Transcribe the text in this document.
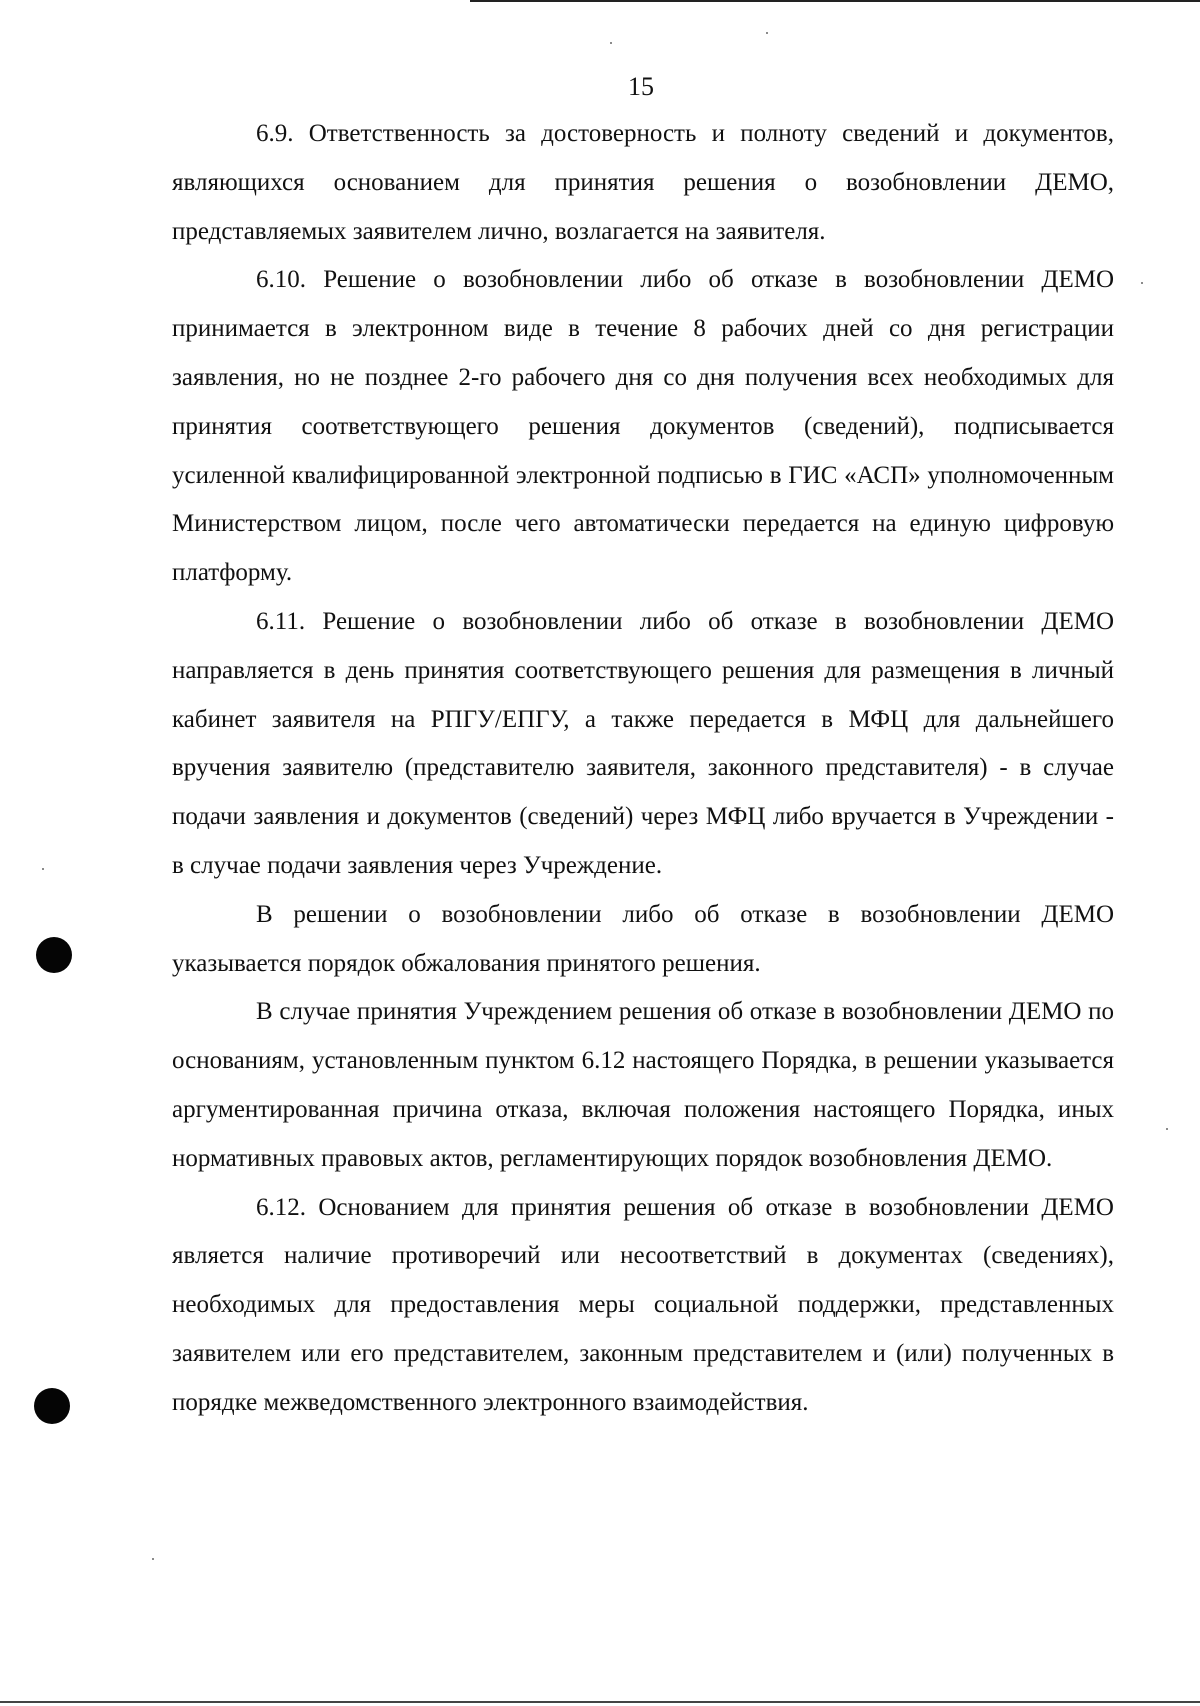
15

6.9. Ответственность за достоверность и полноту сведений и документов, являющихся основанием для принятия решения о возобновлении ДЕМО, представляемых заявителем лично, возлагается на заявителя.

6.10. Решение о возобновлении либо об отказе в возобновлении ДЕМО принимается в электронном виде в течение 8 рабочих дней со дня регистрации заявления, но не позднее 2-го рабочего дня со дня получения всех необходимых для принятия соответствующего решения документов (сведений), подписывается усиленной квалифицированной электронной подписью в ГИС «АСП» уполномоченным Министерством лицом, после чего автоматически передается на единую цифровую платформу.

6.11. Решение о возобновлении либо об отказе в возобновлении ДЕМО направляется в день принятия соответствующего решения для размещения в личный кабинет заявителя на РПГУ/ЕПГУ, а также передается в МФЦ для дальнейшего вручения заявителю (представителю заявителя, законного представителя) - в случае подачи заявления и документов (сведений) через МФЦ либо вручается в Учреждении - в случае подачи заявления через Учреждение.

В решении о возобновлении либо об отказе в возобновлении ДЕМО указывается порядок обжалования принятого решения.

В случае принятия Учреждением решения об отказе в возобновлении ДЕМО по основаниям, установленным пунктом 6.12 настоящего Порядка, в решении указывается аргументированная причина отказа, включая положения настоящего Порядка, иных нормативных правовых актов, регламентирующих порядок возобновления ДЕМО.

6.12. Основанием для принятия решения об отказе в возобновлении ДЕМО является наличие противоречий или несоответствий в документах (сведениях), необходимых для предоставления меры социальной поддержки, представленных заявителем или его представителем, законным представителем и (или) полученных в порядке межведомственного электронного взаимодействия.
